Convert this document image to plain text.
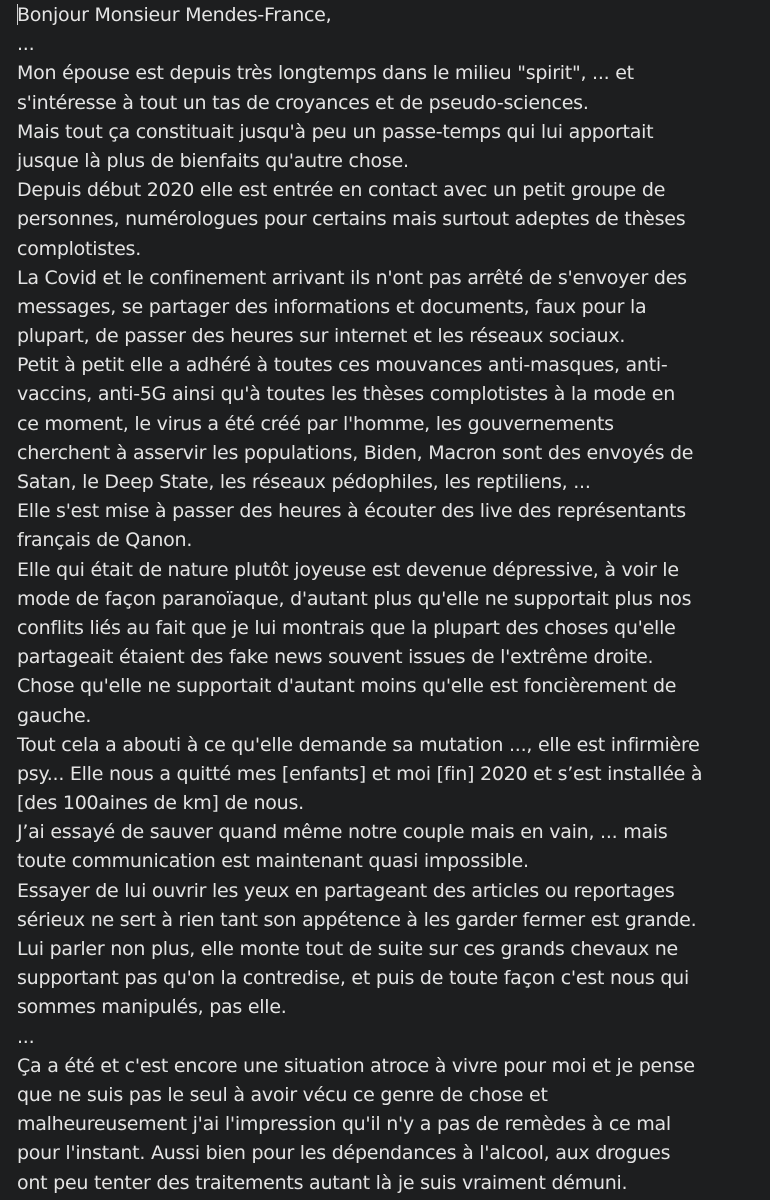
Bonjour Monsieur Mendes-France,
...
Mon épouse est depuis très longtemps dans le milieu "spirit", ... et
s'intéresse à tout un tas de croyances et de pseudo-sciences.
Mais tout ça constituait jusqu'à peu un passe-temps qui lui apportait
jusque là plus de bienfaits qu'autre chose.
Depuis début 2020 elle est entrée en contact avec un petit groupe de
personnes, numérologues pour certains mais surtout adeptes de thèses
complotistes.
La Covid et le confinement arrivant ils n'ont pas arrêté de s'envoyer des
messages, se partager des informations et documents, faux pour la
plupart, de passer des heures sur internet et les réseaux sociaux.
Petit à petit elle a adhéré à toutes ces mouvances anti-masques, anti-
vaccins, anti-5G ainsi qu'à toutes les thèses complotistes à la mode en
ce moment, le virus a été créé par l'homme, les gouvernements
cherchent à asservir les populations, Biden, Macron sont des envoyés de
Satan, le Deep State, les réseaux pédophiles, les reptiliens, ...
Elle s'est mise à passer des heures à écouter des live des représentants
français de Qanon.
Elle qui était de nature plutôt joyeuse est devenue dépressive, à voir le
mode de façon paranoïaque, d'autant plus qu'elle ne supportait plus nos
conflits liés au fait que je lui montrais que la plupart des choses qu'elle
partageait étaient des fake news souvent issues de l'extrême droite.
Chose qu'elle ne supportait d'autant moins qu'elle est foncièrement de
gauche.
Tout cela a abouti à ce qu'elle demande sa mutation ..., elle est infirmière
psy... Elle nous a quitté mes [enfants] et moi [fin] 2020 et s’est installée à
[des 100aines de km] de nous.
J’ai essayé de sauver quand même notre couple mais en vain, ... mais
toute communication est maintenant quasi impossible.
Essayer de lui ouvrir les yeux en partageant des articles ou reportages
sérieux ne sert à rien tant son appétence à les garder fermer est grande.
Lui parler non plus, elle monte tout de suite sur ces grands chevaux ne
supportant pas qu'on la contredise, et puis de toute façon c'est nous qui
sommes manipulés, pas elle.
...
Ça a été et c'est encore une situation atroce à vivre pour moi et je pense
que ne suis pas le seul à avoir vécu ce genre de chose et
malheureusement j'ai l'impression qu'il n'y a pas de remèdes à ce mal
pour l'instant. Aussi bien pour les dépendances à l'alcool, aux drogues
ont peu tenter des traitements autant là je suis vraiment démuni.
